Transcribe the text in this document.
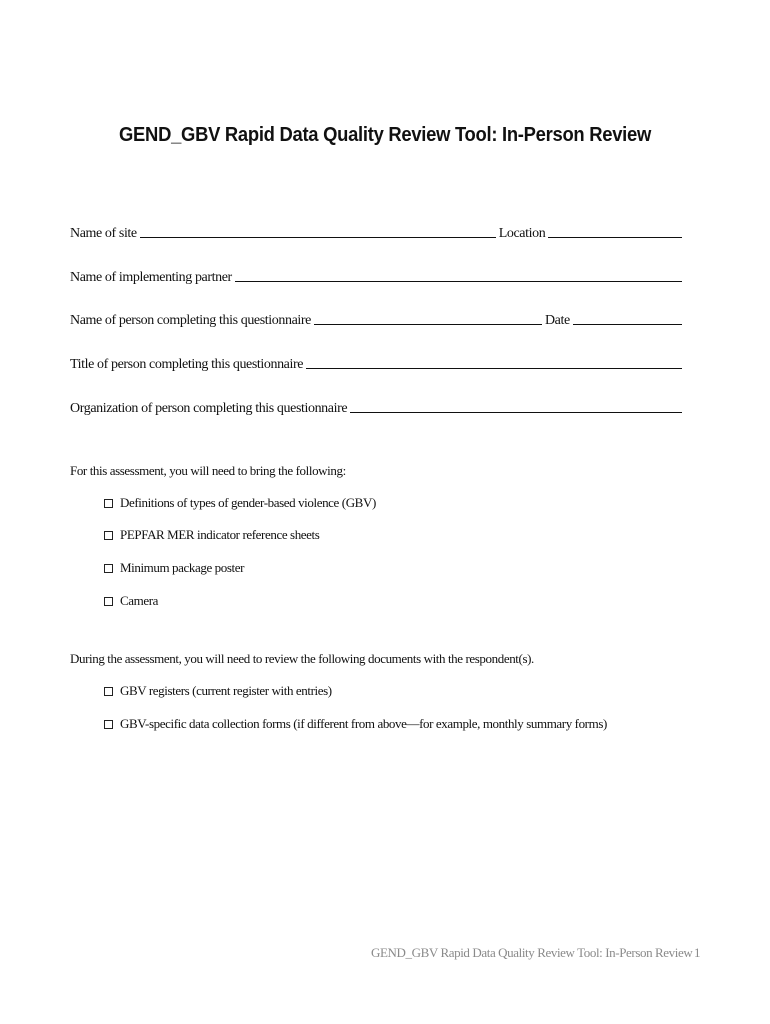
GEND_GBV Rapid Data Quality Review Tool: In-Person Review
Name of site	Location
Name of implementing partner
Name of person completing this questionnaire	Date
Title of person completing this questionnaire
Organization of person completing this questionnaire
For this assessment, you will need to bring the following:
Definitions of types of gender-based violence (GBV)
PEPFAR MER indicator reference sheets
Minimum package poster
Camera
During the assessment, you will need to review the following documents with the respondent(s).
GBV registers (current register with entries)
GBV-specific data collection forms (if different from above—for example, monthly summary forms)
GEND_GBV Rapid Data Quality Review Tool: In-Person Review 1
